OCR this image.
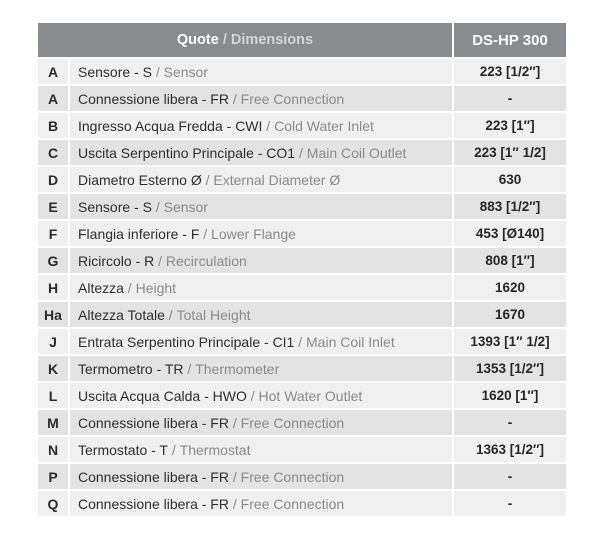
Quote / Dimensions	DS-HP 300
A	Sensore - S / Sensor	223 [1/2″]
A	Connessione libera - FR / Free Connection	-
B	Ingresso Acqua Fredda - CWI / Cold Water Inlet	223 [1″]
C	Uscita Serpentino Principale - CO1 / Main Coil Outlet	223 [1″ 1/2]
D	Diametro Esterno Ø / External Diameter Ø	630
E	Sensore - S / Sensor	883 [1/2″]
F	Flangia inferiore - F / Lower Flange	453 [Ø140]
G	Ricircolo - R / Recirculation	808 [1″]
H	Altezza / Height	1620
Ha	Altezza Totale / Total Height	1670
J	Entrata Serpentino Principale - CI1 / Main Coil Inlet	1393 [1″ 1/2]
K	Termometro - TR / Thermometer	1353 [1/2″]
L	Uscita Acqua Calda - HWO / Hot Water Outlet	1620 [1″]
M	Connessione libera - FR / Free Connection	-
N	Termostato - T / Thermostat	1363 [1/2″]
P	Connessione libera - FR / Free Connection	-
Q	Connessione libera - FR / Free Connection	-
